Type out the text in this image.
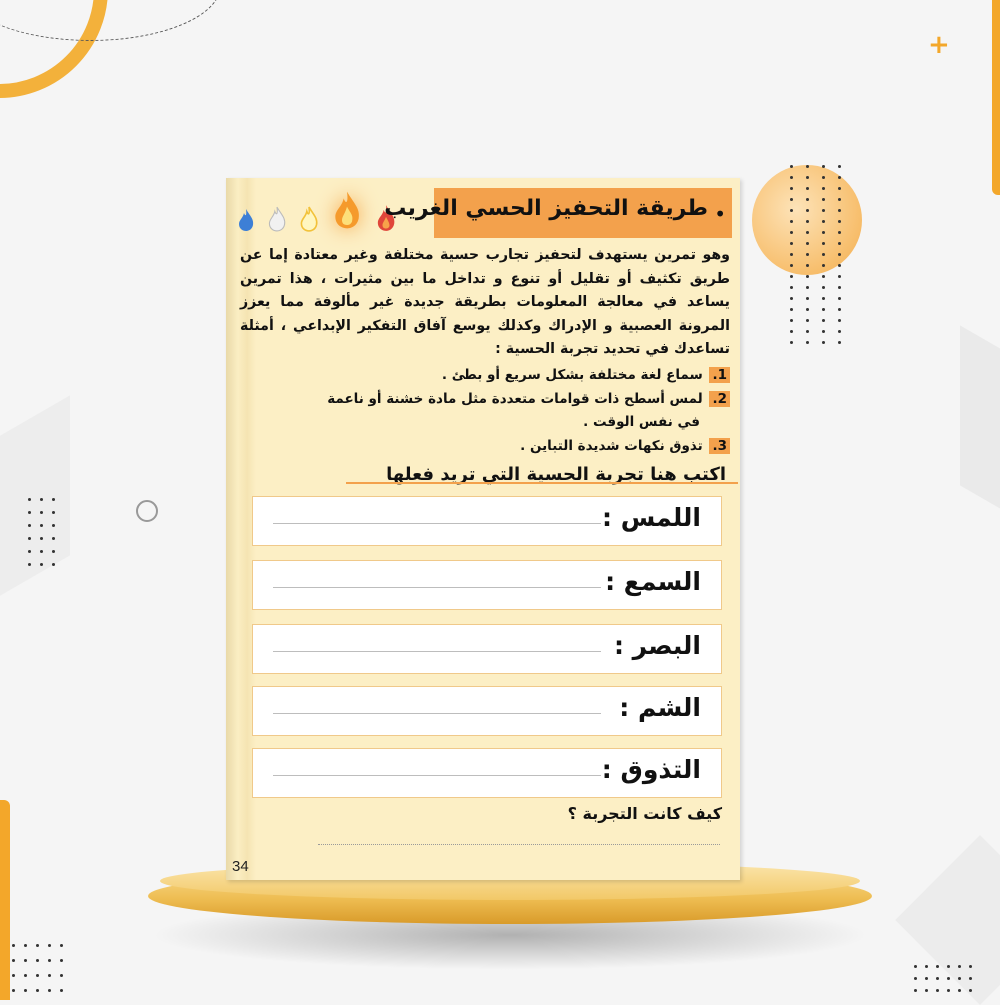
+
طريقة التحفيز الحسي الغريب •
وهو تمرين يستهدف لتحفيز تجارب حسية مختلفة وغير معتادة إما عن طريق تكثيف أو تقليل أو تنوع و تداخل ما بين مثيرات ، هذا تمرين يساعد في معالجة المعلومات بطريقة جديدة غير مألوفة مما يعزز المرونة العصبية و الإدراك وكذلك يوسع آفاق التفكير الإبداعي ، أمثلة تساعدك في تحديد تجربة الحسية :
1. سماع لغة مختلفة بشكل سريع أو بطئ .
2. لمس أسطح ذات قوامات متعددة مثل مادة خشنة أو ناعمة
في نفس الوقت .
3. تذوق نكهات شديدة التباين .
اكتب هنا تجربة الحسية التي تريد فعلها
اللمس :
السمع :
البصر :
الشم :
التذوق :
كيف كانت التجربة ؟
34
